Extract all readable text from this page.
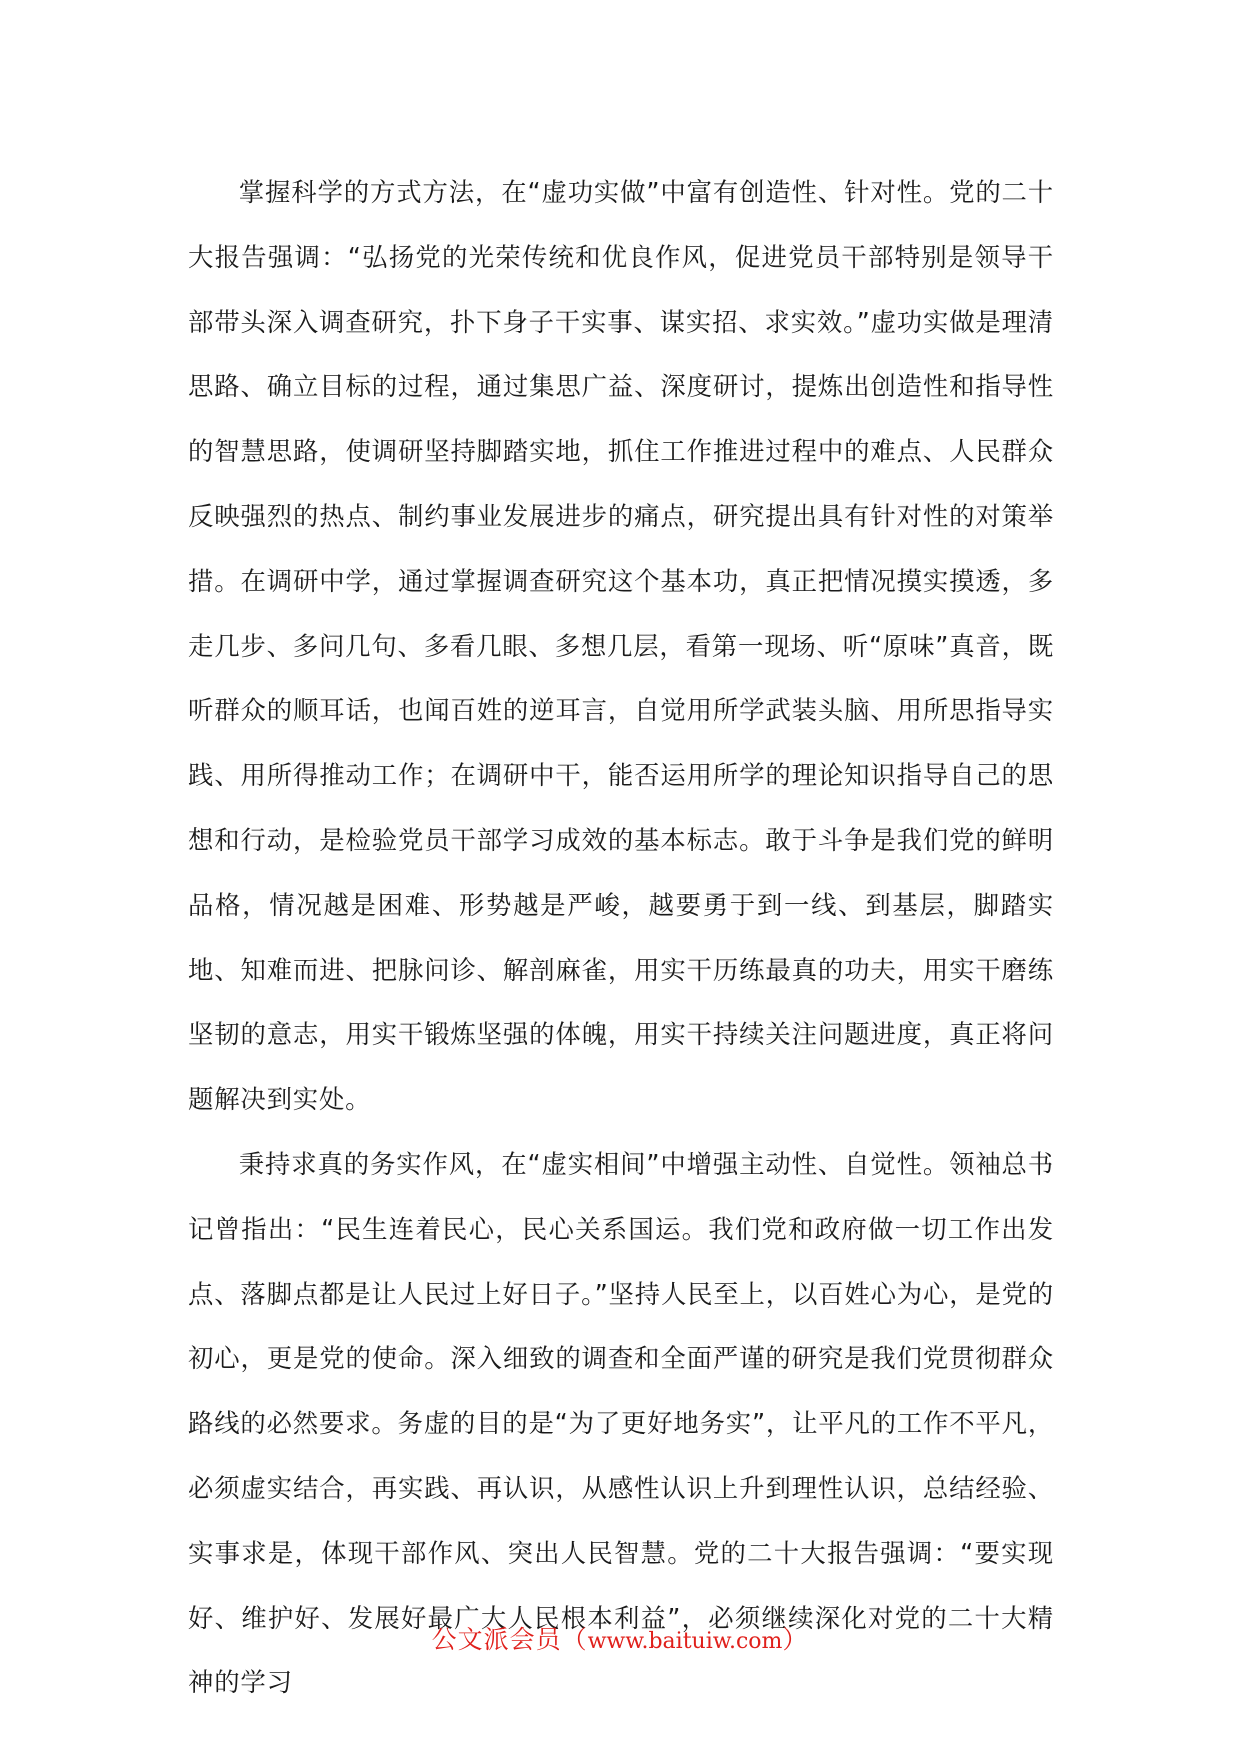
掌握科学的方式方法，在“虚功实做”中富有创造性、针对性。党的二十大报告强调：“弘扬党的光荣传统和优良作风，促进党员干部特别是领导干部带头深入调查研究，扑下身子干实事、谋实招、求实效。”虚功实做是理清思路、确立目标的过程，通过集思广益、深度研讨，提炼出创造性和指导性的智慧思路，使调研坚持脚踏实地，抓住工作推进过程中的难点、人民群众反映强烈的热点、制约事业发展进步的痛点，研究提出具有针对性的对策举措。在调研中学，通过掌握调查研究这个基本功，真正把情况摸实摸透，多走几步、多问几句、多看几眼、多想几层，看第一现场、听“原味”真音，既听群众的顺耳话，也闻百姓的逆耳言，自觉用所学武装头脑、用所思指导实践、用所得推动工作；在调研中干，能否运用所学的理论知识指导自己的思想和行动，是检验党员干部学习成效的基本标志。敢于斗争是我们党的鲜明品格，情况越是困难、形势越是严峻，越要勇于到一线、到基层，脚踏实地、知难而进、把脉问诊、解剖麻雀，用实干历练最真的功夫，用实干磨练坚韧的意志，用实干锻炼坚强的体魄，用实干持续关注问题进度，真正将问题解决到实处。

秉持求真的务实作风，在“虚实相间”中增强主动性、自觉性。领袖总书记曾指出：“民生连着民心，民心关系国运。我们党和政府做一切工作出发点、落脚点都是让人民过上好日子。”坚持人民至上，以百姓心为心，是党的初心，更是党的使命。深入细致的调查和全面严谨的研究是我们党贯彻群众路线的必然要求。务虚的目的是“为了更好地务实”，让平凡的工作不平凡，必须虚实结合，再实践、再认识，从感性认识上升到理性认识，总结经验、实事求是，体现干部作风、突出人民智慧。党的二十大报告强调：“要实现好、维护好、发展好最广大人民根本利益”，必须继续深化对党的二十大精神的学习

公文派会员（www.baituiw.com）
